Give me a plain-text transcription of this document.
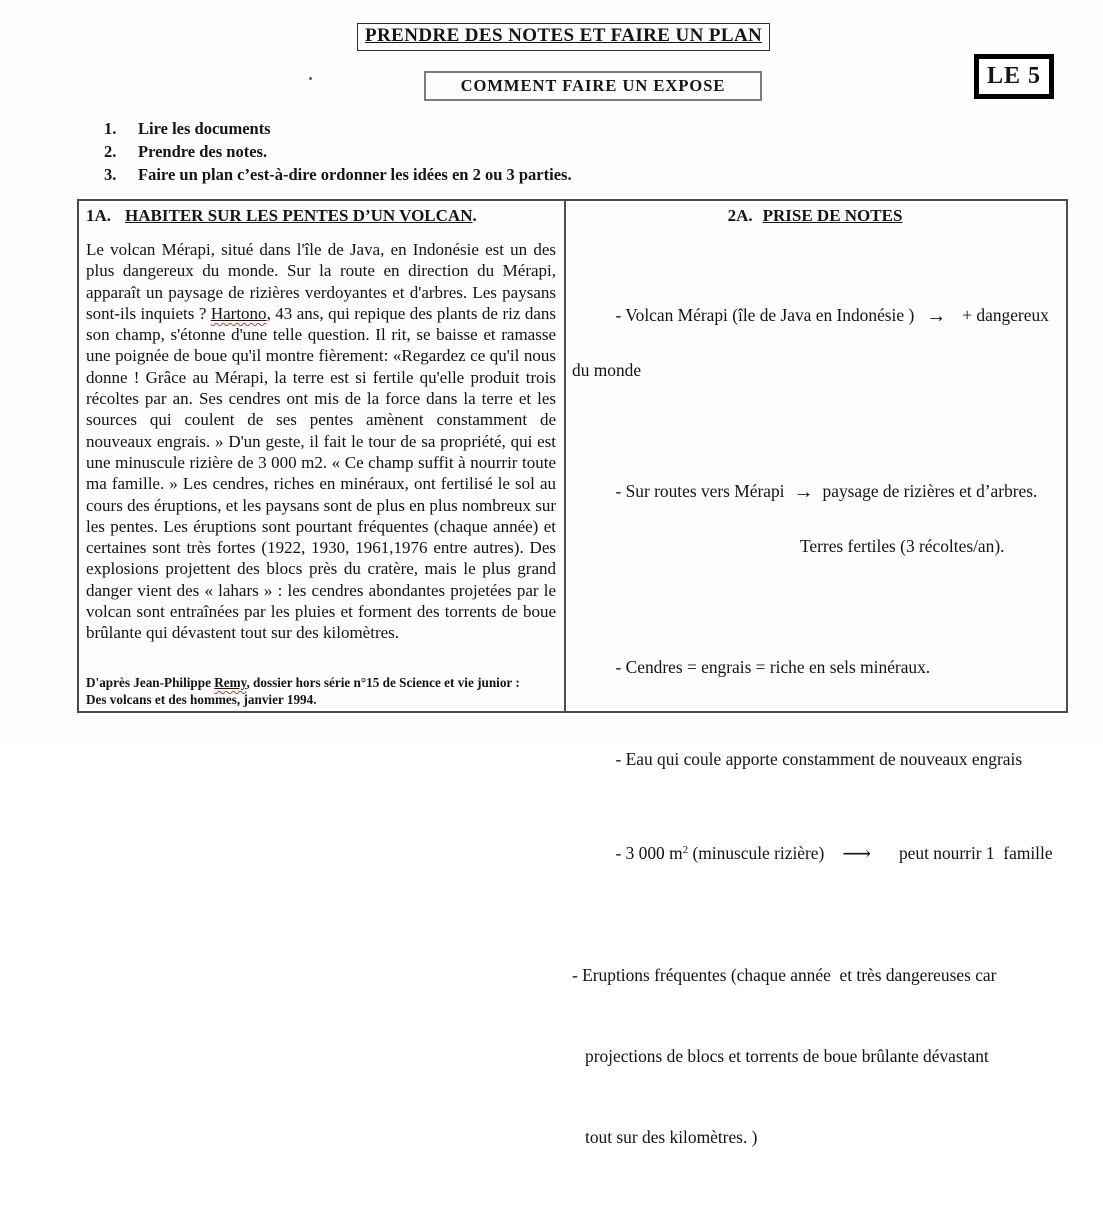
PRENDRE DES NOTES ET FAIRE UN PLAN
LE 5
COMMENT FAIRE UN EXPOSE
1.	Lire les documents
2.	Prendre des notes.
3.	Faire un plan c’est-à-dire ordonner les idées en 2 ou 3 parties.
1A. HABITER SUR LES PENTES D’UN VOLCAN.
Le volcan Mérapi, situé dans l'île de Java, en Indonésie est un des plus dangereux du monde. Sur la route en direction du Mérapi, apparaît un paysage de rizières verdoyantes et d'arbres. Les paysans sont-ils inquiets ? Hartono, 43 ans, qui repique des plants de riz dans son champ, s'étonne d'une telle question. Il rit, se baisse et ramasse une poignée de boue qu'il montre fièrement: «Regardez ce qu'il nous donne ! Grâce au Mérapi, la terre est si fertile qu'elle produit trois récoltes par an. Ses cendres ont mis de la force dans la terre et les sources qui coulent de ses pentes amènent constamment de nouveaux engrais. » D'un geste, il fait le tour de sa propriété, qui est une minuscule rizière de 3 000 m2. « Ce champ suffit à nourrir toute ma famille. » Les cendres, riches en minéraux, ont fertilisé le sol au cours des éruptions, et les paysans sont de plus en plus nombreux sur les pentes. Les éruptions sont pourtant fréquentes (chaque année) et certaines sont très fortes (1922, 1930, 1961,1976 entre autres). Des explosions projettent des blocs près du cratère, mais le plus grand danger vient des « lahars » : les cendres abondantes projetées par le volcan sont entraînées par les pluies et forment des torrents de boue brûlante qui dévastent tout sur des kilomètres.
D'après Jean-Philippe Remy, dossier hors série n°15 de Science et vie junior :
Des volcans et des hommes, janvier 1994.
2A. PRISE DE NOTES

- Volcan Mérapi (île de Java en Indonésie ) → + dangereux

du monde

- Sur routes vers Mérapi → paysage de rizières et d’arbres.

Terres fertiles (3 récoltes/an).

- Cendres = engrais = riche en sels minéraux.

- Eau qui coule apporte constamment de nouveaux engrais

- 3 000 $m^2$ (minuscule rizière) ⟶ peut nourrir 1  famille

- Eruptions fréquentes (chaque année  et très dangereuses car

projections de blocs et torrents de boue brûlante dévastant

tout sur des kilomètres. )
